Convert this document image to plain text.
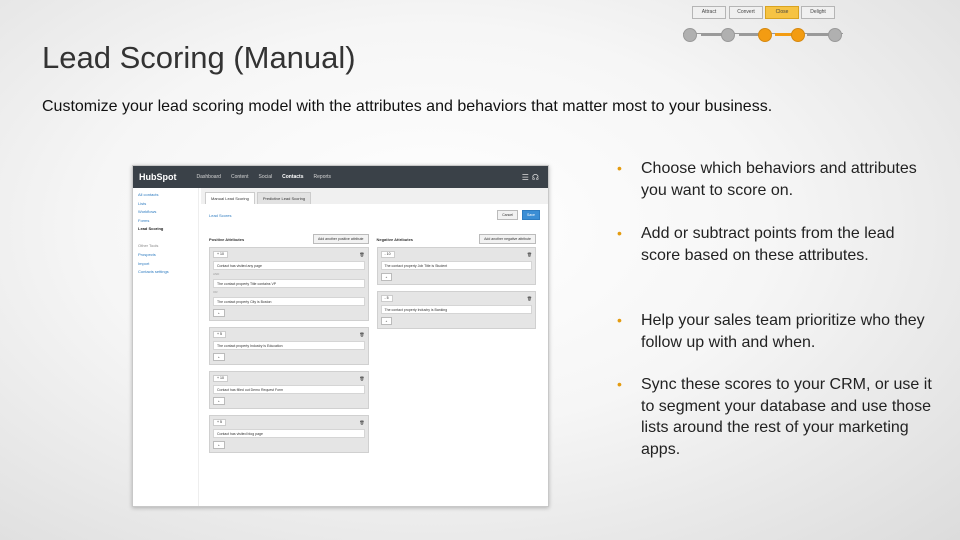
Lead Scoring (Manual)
Customize your lead scoring model with the attributes and behaviors that matter most to your business.
Attract	Convert	Close	Delight
HubSpot	Dashboard Content Social Contacts Reports	☰☊
All contacts
Lists
Workflows
Forms
Lead Scoring
Other Tools
Prospects
Import
Contacts settings
Manual Lead Scoring	Predictive Lead Scoring
Lead Scores	Cancel	Save
Positive Attributes	Add another positive attribute
+ 10	🗑
Contact has visited any page
AND
The contact property Title contains VP
OR
The contact property City is Boston
+
+ 5	🗑
The contact property Industry is Education
+
+ 10	🗑
Contact has filled out Demo Request Form
+
+ 5	🗑
Contact has visited blog page
+
Negative Attributes	Add another negative attribute
- 10	🗑
The contact property Job Title is Student
+
- 5	🗑
The contact property Industry is Banking
+
• Choose which behaviors and attributes you want to score on.
• Add or subtract points from the lead score based on these attributes.
• Help your sales team prioritize who they follow up with and when.
• Sync these scores to your CRM, or use it to segment your database and use those lists around the rest of your marketing apps.
